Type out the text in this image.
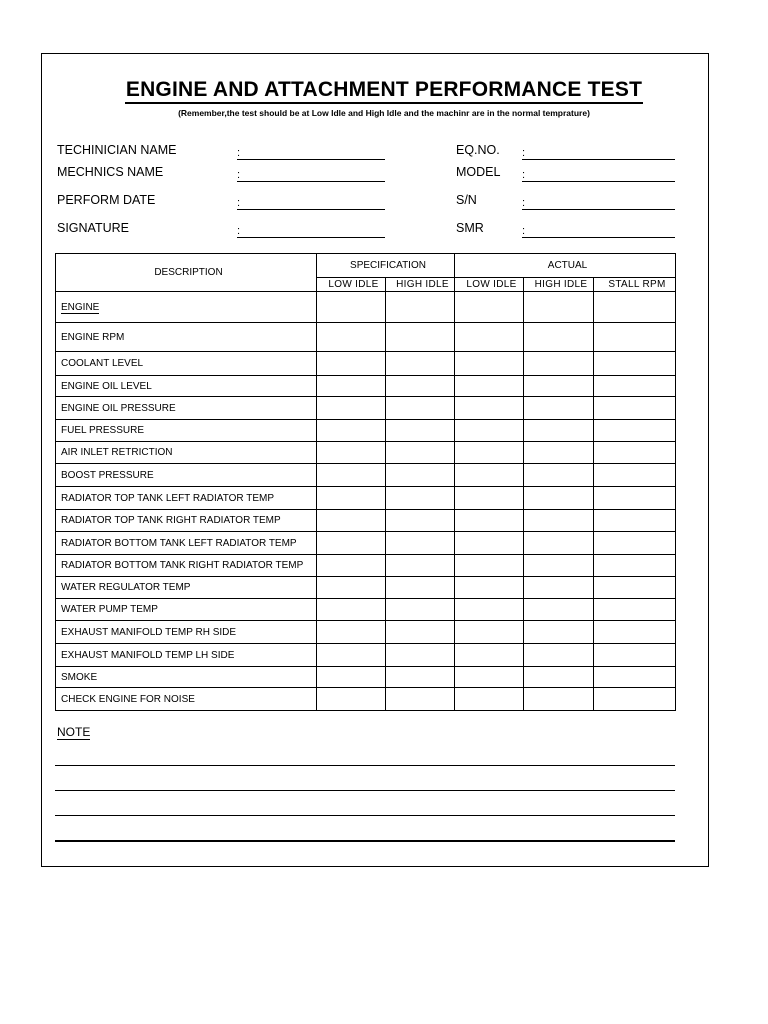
ENGINE AND ATTACHMENT PERFORMANCE TEST
(Remember,the test should be at Low Idle and High Idle and the machinr are in the normal temprature)
TECHINICIAN NAME	:
MECHNICS NAME	:
PERFORM DATE	:
SIGNATURE	:
EQ.NO. :
MODEL :
S/N	:
SMR	:
DESCRIPTION	SPECIFICATION		ACTUAL		
	LOW IDLE	HIGH IDLE	LOW IDLE	HIGH IDLE	STALL RPM
ENGINE					
ENGINE RPM					
COOLANT LEVEL					
ENGINE OIL LEVEL					
ENGINE OIL PRESSURE					
FUEL PRESSURE					
AIR INLET RETRICTION					
BOOST PRESSURE					
RADIATOR TOP TANK LEFT RADIATOR TEMP					
RADIATOR TOP TANK RIGHT RADIATOR TEMP					
RADIATOR BOTTOM TANK LEFT RADIATOR TEMP					
RADIATOR BOTTOM TANK RIGHT RADIATOR TEMP					
WATER REGULATOR TEMP					
WATER PUMP TEMP					
EXHAUST MANIFOLD TEMP RH SIDE					
EXHAUST MANIFOLD TEMP LH SIDE					
SMOKE					
CHECK ENGINE FOR NOISE					
NOTE
